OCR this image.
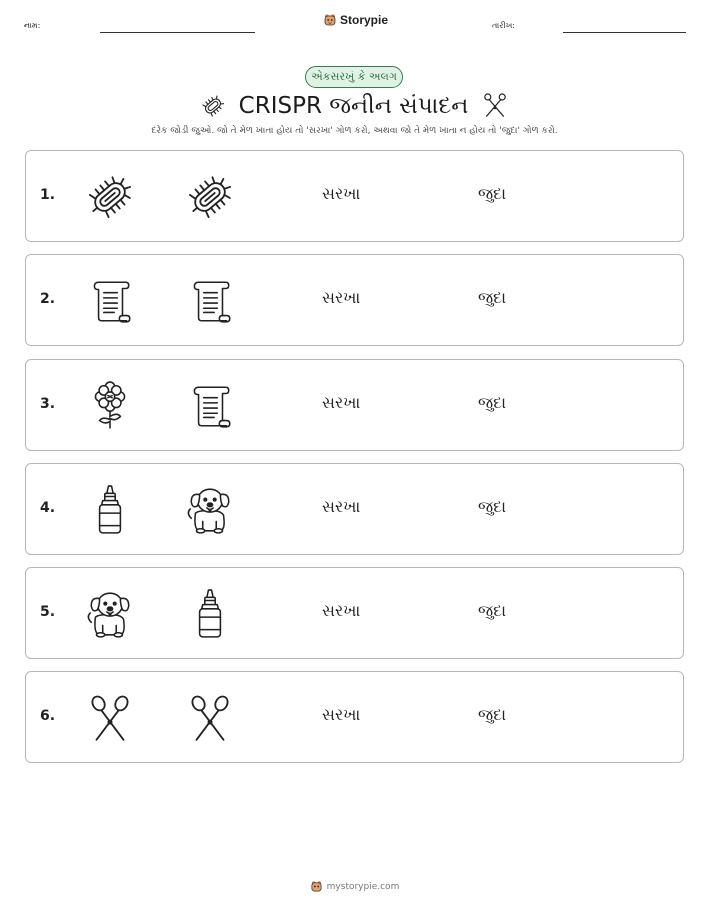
નામ:	Storypie	તારીખ:
એકસરખું કે અલગ
CRISPR જનીન સંપાદન
દરેક જોડી જુઓ. જો તે મેળ ખાતા હોય તો 'સરખા' ગોળ કરો, અથવા જો તે મેળ ખાતા ન હોય તો 'જુદા' ગોળ કરો.
1.	સરખા	જુદા
2.	સરખા	જુદા
3.	સરખા	જુદા
4.	સરખા	જુદા
5.	સરખા	જુદા
6.	સરખા	જુદા
mystorypie.com
